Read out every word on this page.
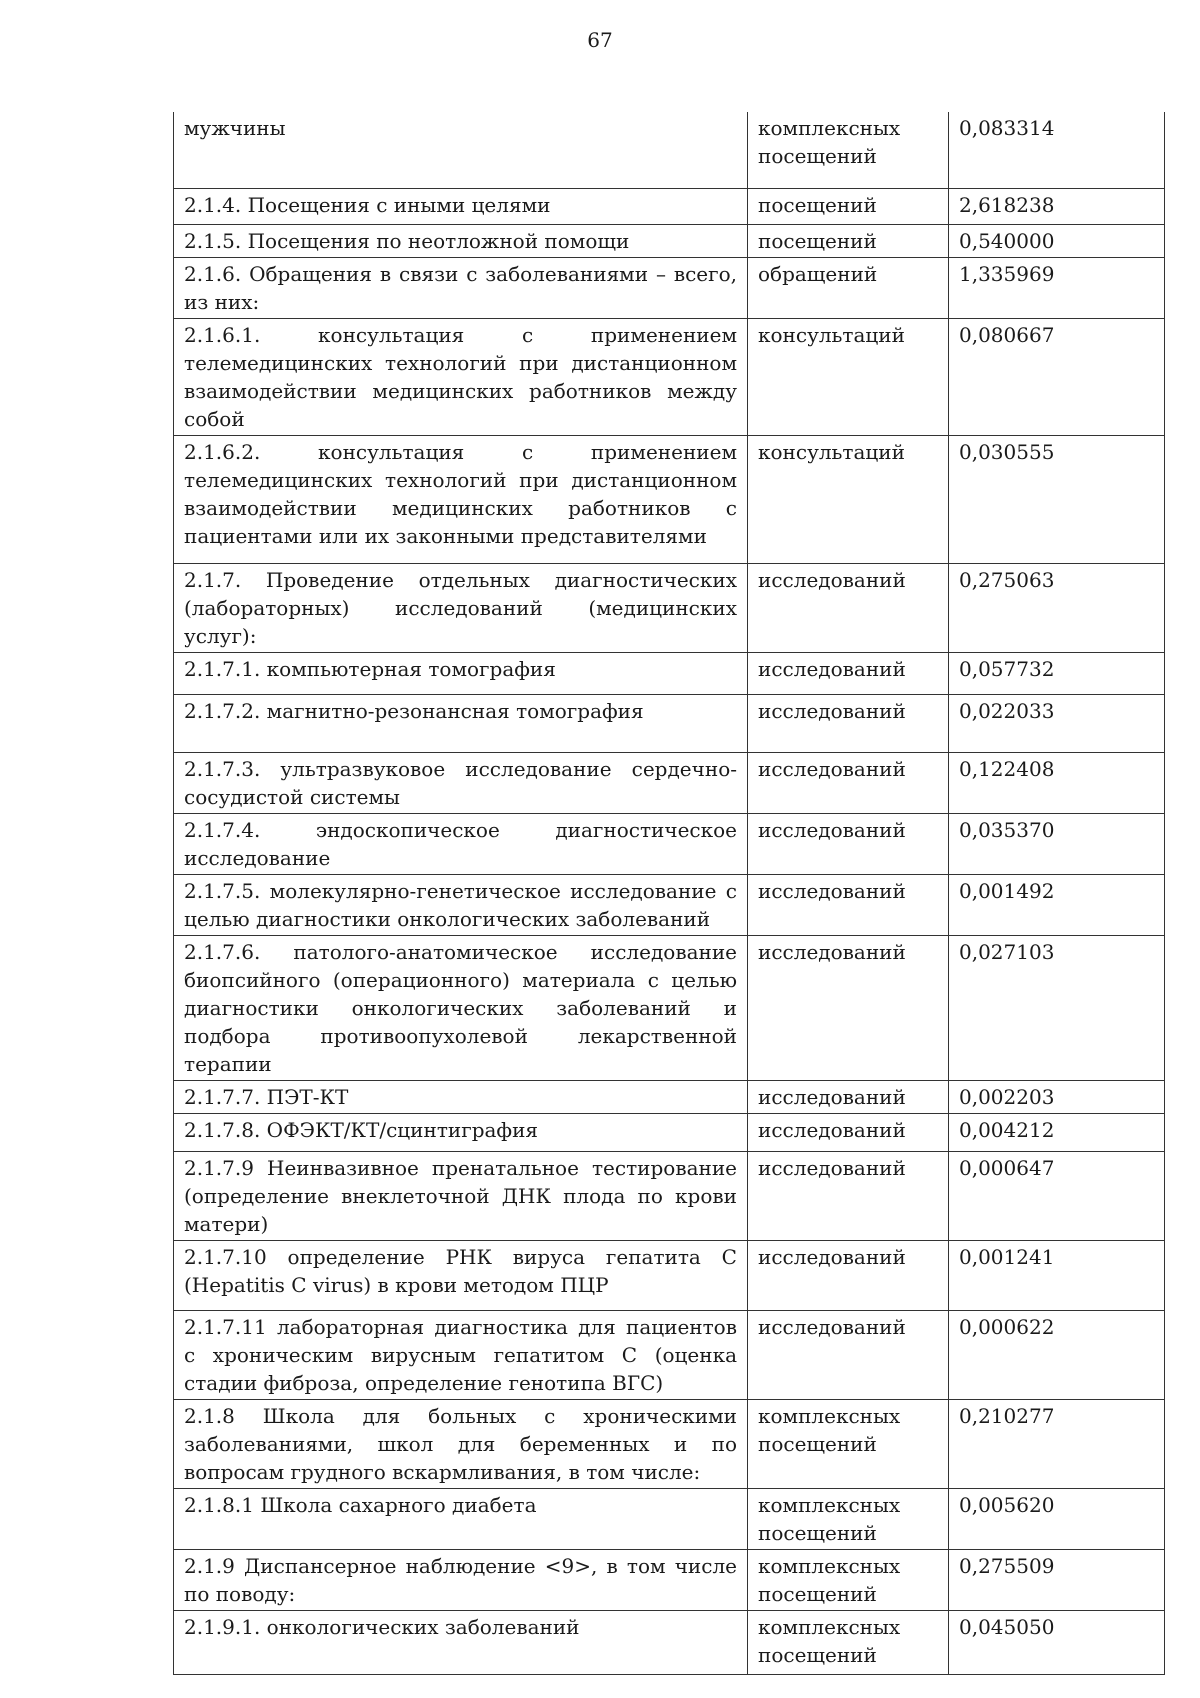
67
мужчины	комплексных посещений	0,083314
2.1.4. Посещения с иными целями	посещений	2,618238
2.1.5. Посещения по неотложной помощи	посещений	0,540000
2.1.6. Обращения в связи с заболеваниями – всего, из них:	обращений	1,335969
2.1.6.1. консультация с применением телемедицинских технологий при дистанционном взаимодействии медицинских работников между собой	консультаций	0,080667
2.1.6.2. консультация с применением телемедицинских технологий при дистанционном взаимодействии медицинских работников с пациентами или их законными представителями	консультаций	0,030555
2.1.7. Проведение отдельных диагностических (лабораторных) исследований (медицинских услуг):	исследований	0,275063
2.1.7.1. компьютерная томография	исследований	0,057732
2.1.7.2. магнитно-резонансная томография	исследований	0,022033
2.1.7.3. ультразвуковое исследование сердечно-сосудистой системы	исследований	0,122408
2.1.7.4. эндоскопическое диагностическое исследование	исследований	0,035370
2.1.7.5. молекулярно-генетическое исследование с целью диагностики онкологических заболеваний	исследований	0,001492
2.1.7.6. патолого-анатомическое исследование биопсийного (операционного) материала с целью диагностики онкологических заболеваний и подбора противоопухолевой лекарственной терапии	исследований	0,027103
2.1.7.7. ПЭТ-КТ	исследований	0,002203
2.1.7.8. ОФЭКТ/КТ/сцинтиграфия	исследований	0,004212
2.1.7.9 Неинвазивное пренатальное тестирование (определение внеклеточной ДНК плода по крови матери)	исследований	0,000647
2.1.7.10 определение РНК вируса гепатита С (Hepatitis C virus) в крови методом ПЦР	исследований	0,001241
2.1.7.11 лабораторная диагностика для пациентов с хроническим вирусным гепатитом С (оценка стадии фиброза, определение генотипа ВГС)	исследований	0,000622
2.1.8 Школа для больных с хроническими заболеваниями, школ для беременных и по вопросам грудного вскармливания, в том числе:	комплексных посещений	0,210277
2.1.8.1 Школа сахарного диабета	комплексных посещений	0,005620
2.1.9 Диспансерное наблюдение <9>, в том числе по поводу:	комплексных посещений	0,275509
2.1.9.1. онкологических заболеваний	комплексных посещений	0,045050
